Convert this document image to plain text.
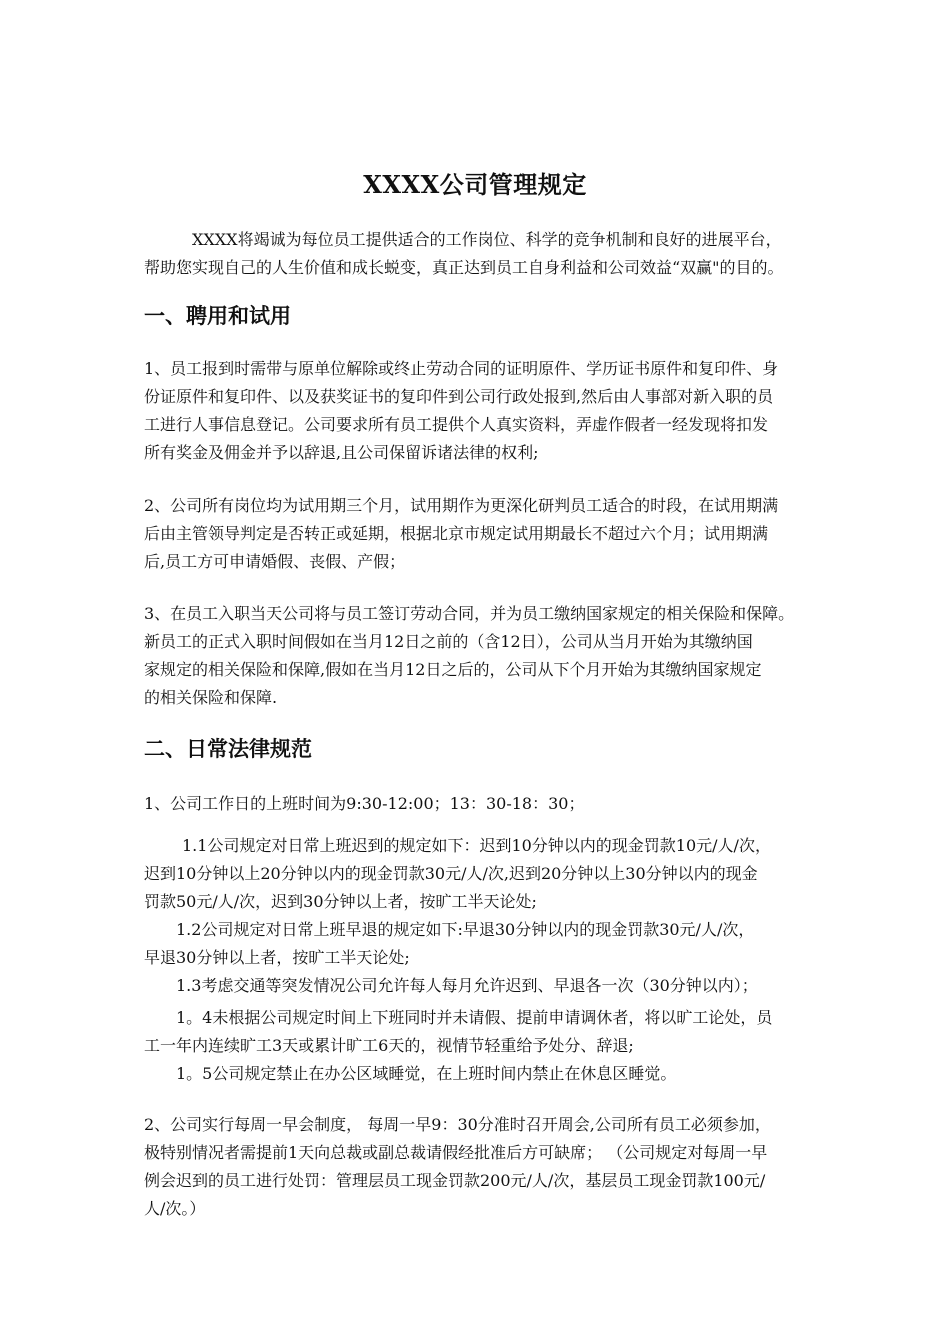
XXXX公司管理规定
XXXX将竭诚为每位员工提供适合的工作岗位、科学的竞争机制和良好的进展平台，
帮助您实现自己的人生价值和成长蜕变，真正达到员工自身利益和公司效益“双赢"的目的。
一、聘用和试用
1、员工报到时需带与原单位解除或终止劳动合同的证明原件、学历证书原件和复印件、身
份证原件和复印件、以及获奖证书的复印件到公司行政处报到,然后由人事部对新入职的员
工进行人事信息登记。公司要求所有员工提供个人真实资料，弄虚作假者一经发现将扣发
所有奖金及佣金并予以辞退,且公司保留诉诸法律的权利;
2、公司所有岗位均为试用期三个月，试用期作为更深化研判员工适合的时段，在试用期满
后由主管领导判定是否转正或延期，根据北京市规定试用期最长不超过六个月；试用期满
后,员工方可申请婚假、丧假、产假；
3、在员工入职当天公司将与员工签订劳动合同，并为员工缴纳国家规定的相关保险和保障。
新员工的正式入职时间假如在当月12日之前的（含12日），公司从当月开始为其缴纳国
家规定的相关保险和保障,假如在当月12日之后的，公司从下个月开始为其缴纳国家规定
的相关保险和保障.
二、日常法律规范
1、公司工作日的上班时间为9:30-12:00；13：30-18：30；
1.1公司规定对日常上班迟到的规定如下：迟到10分钟以内的现金罚款10元/人/次，
迟到10分钟以上20分钟以内的现金罚款30元/人/次,迟到20分钟以上30分钟以内的现金
罚款50元/人/次，迟到30分钟以上者，按旷工半天论处;
1.2公司规定对日常上班早退的规定如下:早退30分钟以内的现金罚款30元/人/次，
早退30分钟以上者，按旷工半天论处;
1.3考虑交通等突发情况公司允许每人每月允许迟到、早退各一次（30分钟以内）；
1。4未根据公司规定时间上下班同时并未请假、提前申请调休者，将以旷工论处，员
工一年内连续旷工3天或累计旷工6天的，视情节轻重给予处分、辞退;
1。5公司规定禁止在办公区域睡觉，在上班时间内禁止在休息区睡觉。
2、公司实行每周一早会制度， 每周一早9：30分准时召开周会,公司所有员工必须参加，
极特别情况者需提前1天向总裁或副总裁请假经批准后方可缺席； （公司规定对每周一早
例会迟到的员工进行处罚：管理层员工现金罚款200元/人/次，基层员工现金罚款100元/
人/次。）
